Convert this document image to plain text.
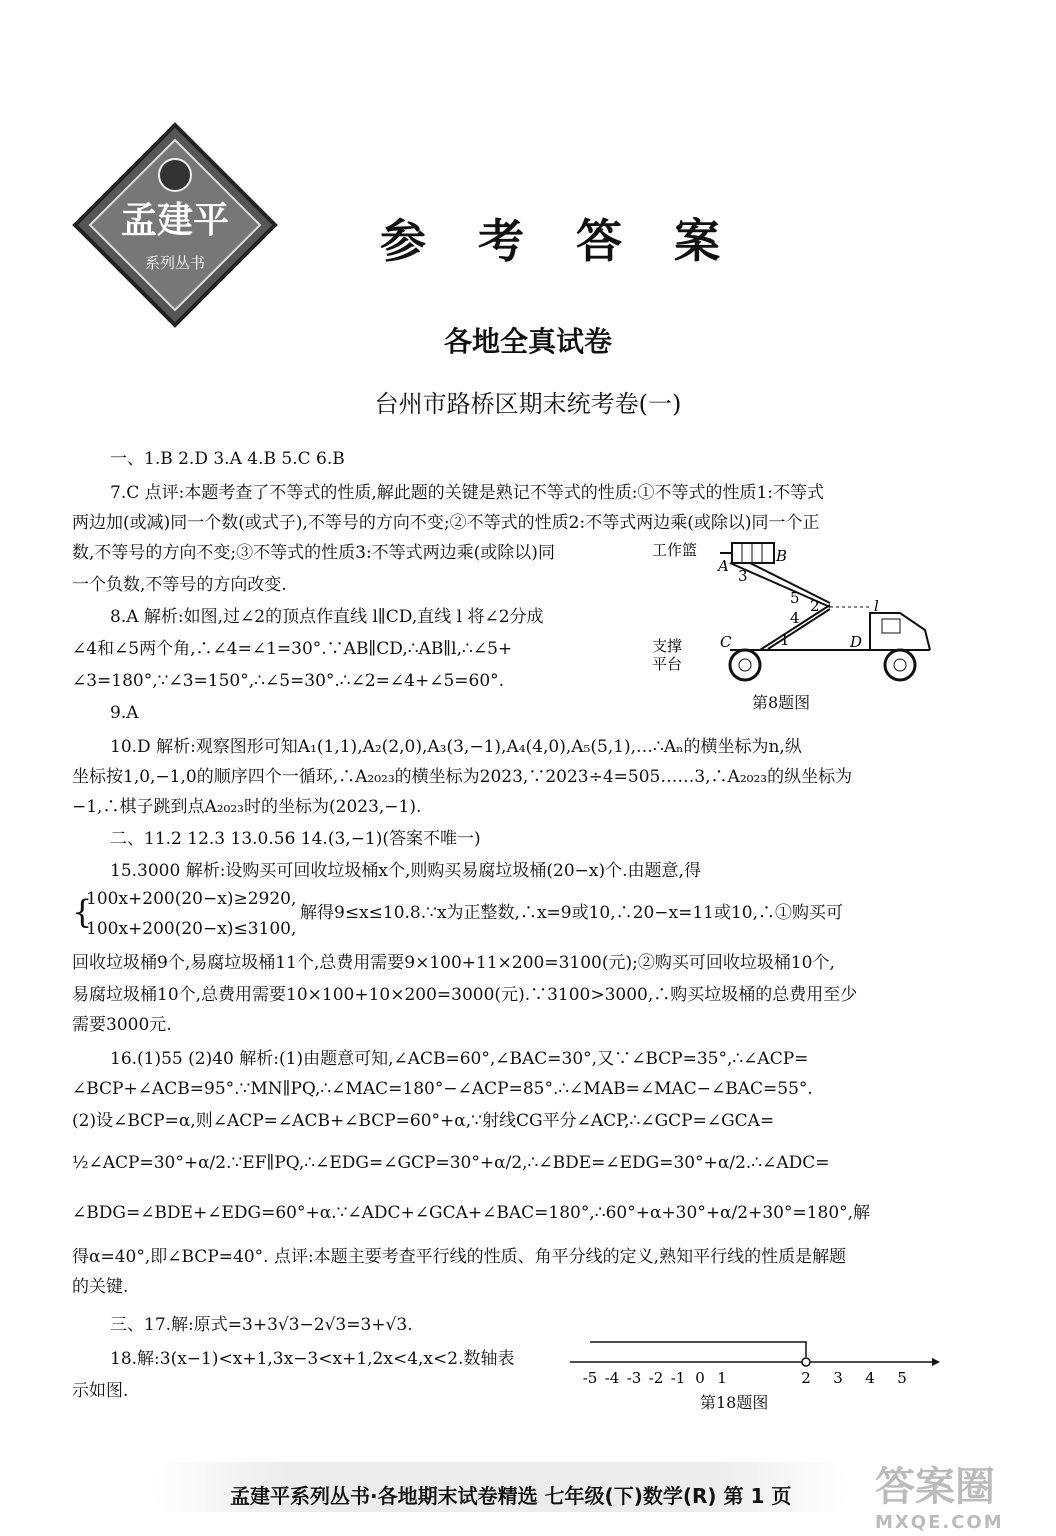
孟建平
系列丛书	参 考 答 案
各地全真试卷
台州市路桥区期末统考卷(一)
一、1.B 2.D 3.A 4.B 5.C 6.B
7.C 点评:本题考查了不等式的性质,解此题的关键是熟记不等式的性质:①不等式的性质1:不等式
两边加(或减)同一个数(或式子),不等号的方向不变;②不等式的性质2:不等式两边乘(或除以)同一个正
数,不等号的方向不变;③不等式的性质3:不等式两边乘(或除以)同
一个负数,不等号的方向改变.
8.A 解析:如图,过∠2的顶点作直线 l∥CD,直线 l 将∠2分成
∠4和∠5两个角,∴∠4=∠1=30°.∵AB∥CD,∴AB∥l,∴∠5+
∠3=180°,∵∠3=150°,∴∠5=30°.∴∠2=∠4+∠5=60°.
9.A
10.D 解析:观察图形可知A₁(1,1),A₂(2,0),A₃(3,−1),A₄(4,0),A₅(5,1),…∴Aₙ的横坐标为n,纵
坐标按1,0,−1,0的顺序四个一循环,∴A₂₀₂₃的横坐标为2023,∵2023÷4=505……3,∴A₂₀₂₃的纵坐标为
−1,∴棋子跳到点A₂₀₂₃时的坐标为(2023,−1).
二、11.2 12.3 13.0.56 14.(3,−1)(答案不唯一)
15.3000 解析:设购买可回收垃圾桶x个,则购买易腐垃圾桶(20−x)个.由题意,得
{
100x+200(20−x)≥2920,
100x+200(20−x)≤3100,
解得9≤x≤10.8.∵x为正整数,∴x=9或10,∴20−x=11或10,∴①购买可
回收垃圾桶9个,易腐垃圾桶11个,总费用需要9×100+11×200=3100(元);②购买可回收垃圾桶10个,
易腐垃圾桶10个,总费用需要10×100+10×200=3000(元).∵3100>3000,∴购买垃圾桶的总费用至少
需要3000元.
16.(1)55 (2)40 解析:(1)由题意可知,∠ACB=60°,∠BAC=30°,又∵∠BCP=35°,∴∠ACP=
∠BCP+∠ACB=95°.∵MN∥PQ,∴∠MAC=180°−∠ACP=85°.∴∠MAB=∠MAC−∠BAC=55°.
(2)设∠BCP=α,则∠ACP=∠ACB+∠BCP=60°+α,∵射线CG平分∠ACP,∴∠GCP=∠GCA=
½∠ACP=30°+α/2.∵EF∥PQ,∴∠EDG=∠GCP=30°+α/2,∴∠BDE=∠EDG=30°+α/2.∴∠ADC=
∠BDG=∠BDE+∠EDG=60°+α.∵∠ADC+∠GCA+∠BAC=180°,∴60°+α+30°+α/2+30°=180°,解
得α=40°,即∠BCP=40°. 点评:本题主要考查平行线的性质、角平分线的定义,熟知平行线的性质是解题
的关键.
三、17.解:原式=3+3√3−2√3=3+√3.
18.解:3(x−1)<x+1,3x−3<x+1,2x<4,x<2.数轴表
示如图.
工作篮
支撑
平台
A
B
C	D
l
1
2
3
4
5
第8题图
-5 -4 -3 -2 -1 0 1	2 3 4 5
第18题图
孟建平系列丛书·各地期末试卷精选 七年级(下)数学(R) 第 1 页 答案圈
MXQE.COM
